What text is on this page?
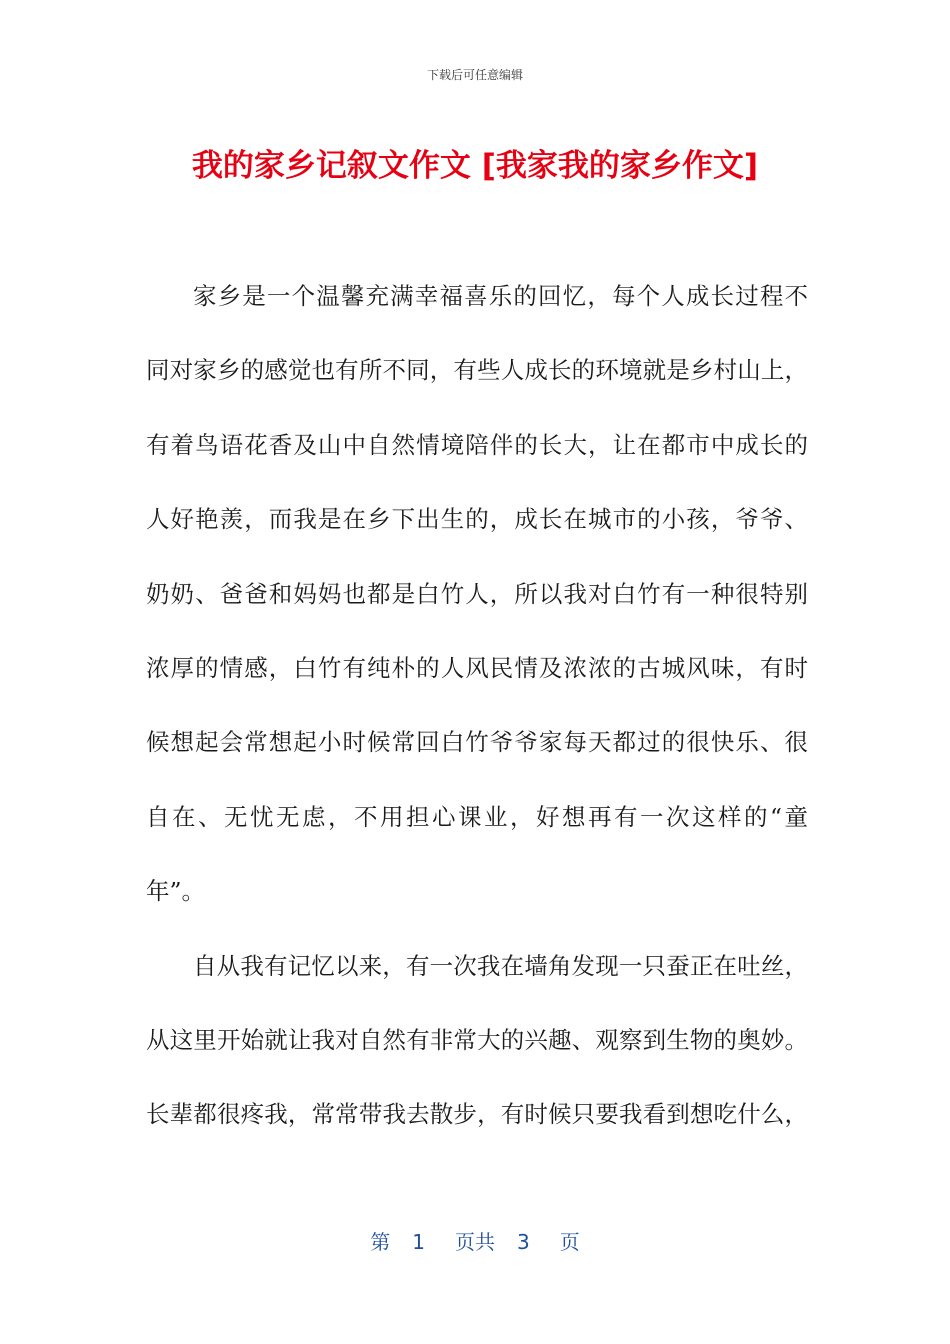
下载后可任意编辑
我的家乡记叙文作文 [我家我的家乡作文]
家乡是一个温馨充满幸福喜乐的回忆，每个人成长过程不
同对家乡的感觉也有所不同，有些人成长的环境就是乡村山上，
有着鸟语花香及山中自然情境陪伴的长大，让在都市中成长的
人好艳羡，而我是在乡下出生的，成长在城市的小孩，爷爷、
奶奶、爸爸和妈妈也都是白竹人，所以我对白竹有一种很特别
浓厚的情感，白竹有纯朴的人风民情及浓浓的古城风味，有时
候想起会常想起小时候常回白竹爷爷家每天都过的很快乐、很
自在、无忧无虑，不用担心课业，好想再有一次这样的“童
年”。
自从我有记忆以来，有一次我在墙角发现一只蚕正在吐丝，
从这里开始就让我对自然有非常大的兴趣、观察到生物的奥妙。
长辈都很疼我，常常带我去散步，有时候只要我看到想吃什么，
第 1 页共 3 页
